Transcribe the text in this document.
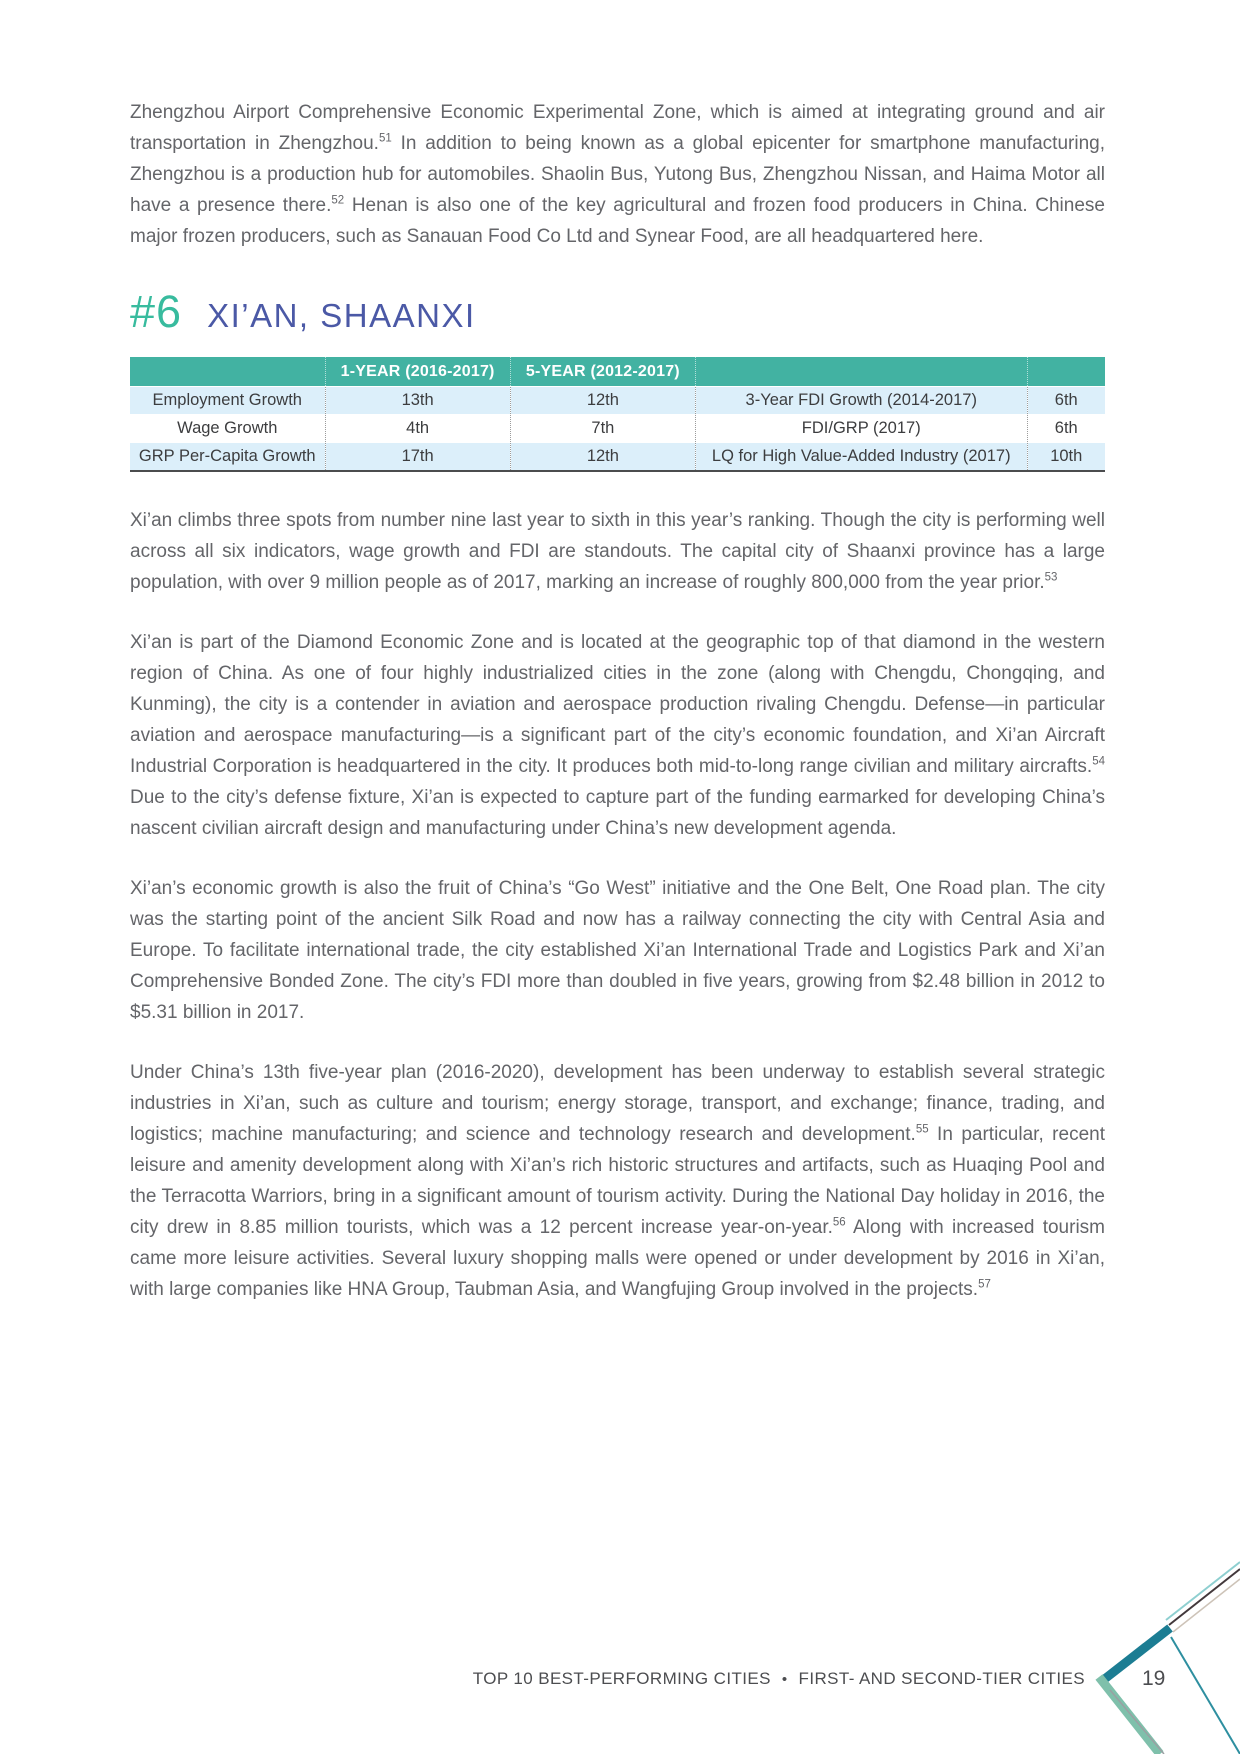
Zhengzhou Airport Comprehensive Economic Experimental Zone, which is aimed at integrating ground and air transportation in Zhengzhou.$^{51}$ In addition to being known as a global epicenter for smartphone manufacturing, Zhengzhou is a production hub for automobiles. Shaolin Bus, Yutong Bus, Zhengzhou Nissan, and Haima Motor all have a presence there.$^{52}$ Henan is also one of the key agricultural and frozen food producers in China. Chinese major frozen producers, such as Sanauan Food Co Ltd and Synear Food, are all headquartered here.

#6 XI’AN, SHAANXI
	1-YEAR (2016-2017)	5-YEAR (2012-2017)		
Employment Growth	13th	12th	3-Year FDI Growth (2014-2017)	6th
Wage Growth	4th	7th	FDI/GRP (2017)	6th
GRP Per-Capita Growth	17th	12th	LQ for High Value-Added Industry (2017)	10th

Xi’an climbs three spots from number nine last year to sixth in this year’s ranking. Though the city is performing well across all six indicators, wage growth and FDI are standouts. The capital city of Shaanxi province has a large population, with over 9 million people as of 2017, marking an increase of roughly 800,000 from the year prior.$^{53}$

Xi’an is part of the Diamond Economic Zone and is located at the geographic top of that diamond in the western region of China. As one of four highly industrialized cities in the zone (along with Chengdu, Chongqing, and Kunming), the city is a contender in aviation and aerospace production rivaling Chengdu. Defense—in particular aviation and aerospace manufacturing—is a significant part of the city’s economic foundation, and Xi’an Aircraft Industrial Corporation is headquartered in the city. It produces both mid-to-long range civilian and military aircrafts.$^{54}$ Due to the city’s defense fixture, Xi’an is expected to capture part of the funding earmarked for developing China’s nascent civilian aircraft design and manufacturing under China’s new development agenda.

Xi’an’s economic growth is also the fruit of China’s “Go West” initiative and the One Belt, One Road plan. The city was the starting point of the ancient Silk Road and now has a railway connecting the city with Central Asia and Europe. To facilitate international trade, the city established Xi’an International Trade and Logistics Park and Xi’an Comprehensive Bonded Zone. The city’s FDI more than doubled in five years, growing from $2.48 billion in 2012 to $5.31 billion in 2017.

Under China’s 13th five-year plan (2016-2020), development has been underway to establish several strategic industries in Xi’an, such as culture and tourism; energy storage, transport, and exchange; finance, trading, and logistics; machine manufacturing; and science and technology research and development.$^{55}$ In particular, recent leisure and amenity development along with Xi’an’s rich historic structures and artifacts, such as Huaqing Pool and the Terracotta Warriors, bring in a significant amount of tourism activity. During the National Day holiday in 2016, the city drew in 8.85 million tourists, which was a 12 percent increase year-on-year.$^{56}$ Along with increased tourism came more leisure activities. Several luxury shopping malls were opened or under development by 2016 in Xi’an, with large companies like HNA Group, Taubman Asia, and Wangfujing Group involved in the projects.$^{57}$

TOP 10 BEST-PERFORMING CITIES • FIRST- AND SECOND-TIER CITIES	19
